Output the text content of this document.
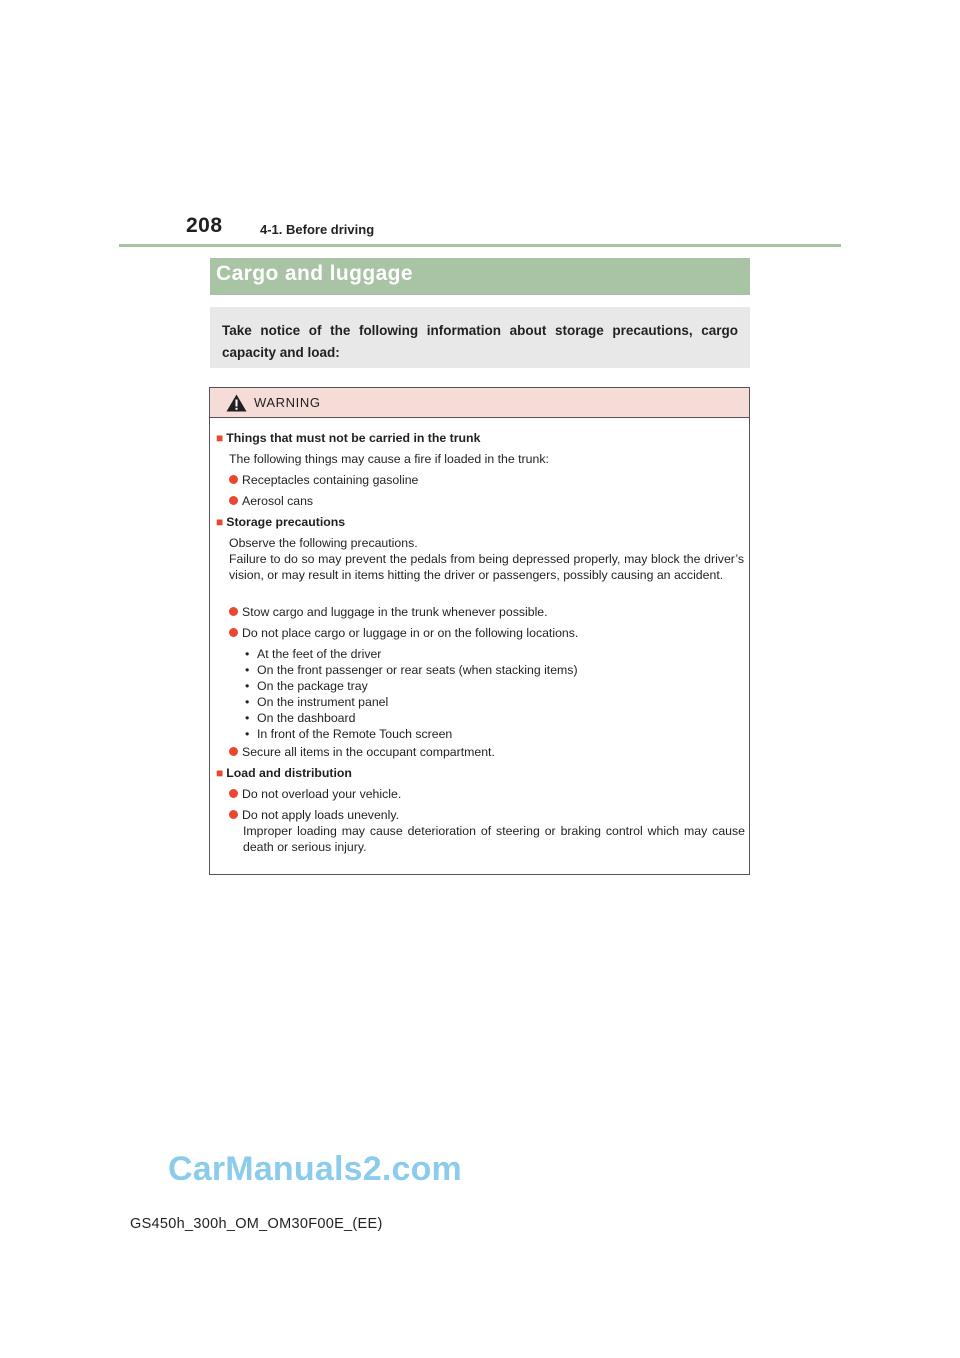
208	4-1. Before driving
Cargo and luggage
Take notice of the following information about storage precautions, cargo capacity and load:
WARNING
■ Things that must not be carried in the trunk
The following things may cause a fire if loaded in the trunk:
Receptacles containing gasoline
Aerosol cans
■ Storage precautions
Observe the following precautions.
Failure to do so may prevent the pedals from being depressed properly, may block the driver’s vision, or may result in items hitting the driver or passengers, possibly causing an accident.
Stow cargo and luggage in the trunk whenever possible.
Do not place cargo or luggage in or on the following locations.
• At the feet of the driver
• On the front passenger or rear seats (when stacking items)
• On the package tray
• On the instrument panel
• On the dashboard
• In front of the Remote Touch screen
Secure all items in the occupant compartment.
■ Load and distribution
Do not overload your vehicle.
Do not apply loads unevenly.
Improper loading may cause deterioration of steering or braking control which may cause death or serious injury.
CarManuals2.com
GS450h_300h_OM_OM30F00E_(EE)
